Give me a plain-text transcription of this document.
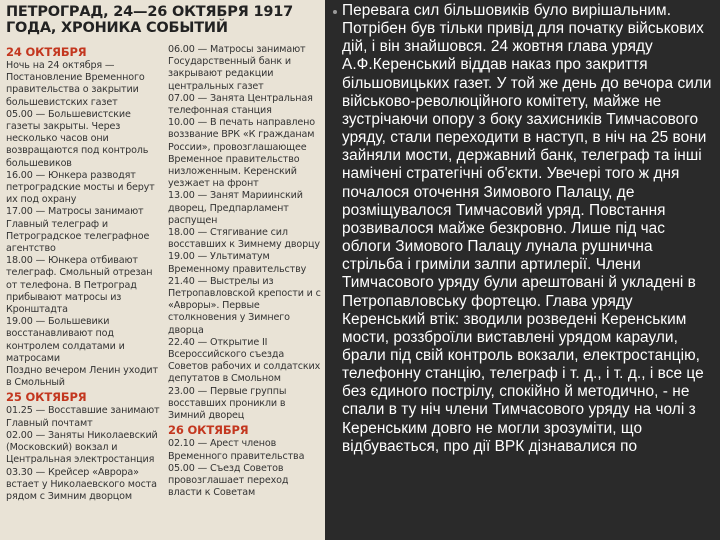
ПЕТРОГРАД, 24—26 ОКТЯБРЯ 1917 ГОДА, ХРОНИКА СОБЫТИЙ

24 ОКТЯБРЯ

Ночь на 24 октября — Постановление Временного правительства о закрытии большевистских газет

05.00 — Большевистские газеты закрыты. Через несколько часов они возвращаются под контроль большевиков

16.00 — Юнкера разводят петроградские мосты и берут их под охрану

17.00 — Матросы занимают Главный телеграф и Петроградское телеграфное агентство

18.00 — Юнкера отбивают телеграф. Смольный отрезан от телефона. В Петроград прибывают матросы из Кронштадта

19.00 — Большевики восстанавливают под контролем солдатами и матросами

Поздно вечером Ленин уходит в Смольный

25 ОКТЯБРЯ

01.25 — Восставшие занимают Главный почтамт

02.00 — Заняты Николаевский (Московский) вокзал и Центральная электростанция

03.30 — Крейсер «Аврора» встает у Николаевского моста рядом с Зимним дворцом

06.00 — Матросы занимают Государственный банк и закрывают редакции центральных газет

07.00 — Занята Центральная телефонная станция

10.00 — В печать направлено воззвание ВРК «К гражданам России», провозглашающее Временное правительство низложенным. Керенский уезжает на фронт

13.00 — Занят Мариинский дворец, Предпарламент распущен

18.00 — Стягивание сил восставших к Зимнему дворцу

19.00 — Ультиматум Временному правительству

21.40 — Выстрелы из Петропавловской крепости и с «Авроры». Первые столкновения у Зимнего дворца

22.40 — Открытие II Всероссийского съезда Советов рабочих и солдатских депутатов в Смольном

23.00 — Первые группы восставших проникли в Зимний дворец

26 ОКТЯБРЯ

02.10 — Арест членов Временного правительства

05.00 — Съезд Советов провозглашает переход власти к Советам

Перевага сил більшовиків було вирішальним. Потрібен був тільки привід для початку військових дій, і він знайшовся. 24 жовтня глава уряду А.Ф.Керенський віддав наказ про закриття більшовицьких газет. У той же день до вечора сили військово-революційного комітету, майже не зустрічаючи опору з боку захисників Тимчасового уряду, стали переходити в наступ, в ніч на 25 вони зайняли мости, державний банк, телеграф та інші намічені стратегічні об'єкти. Увечері того ж дня почалося оточення Зимового Палацу, де розміщувалося Тимчасовий уряд. Повстання розвивалося майже безкровно. Лише під час облоги Зимового Палацу лунала рушнична стрільба і гриміли залпи артилерії. Члени Тимчасового уряду були арештовані й укладені в Петропавловську фортецю. Глава уряду Керенський втік: зводили розведені Керенським мости, роззброїли виставлені урядом караули, брали під свій контроль вокзали, електростанцію, телефонну станцію, телеграф і т. д., і т. д., і все це без єдиного пострілу, спокійно й методично, - не спали в ту ніч члени Тимчасового уряду на чолі з Керенським довго не могли зрозуміти, що відбувається, про дії ВРК дізнавалися по
